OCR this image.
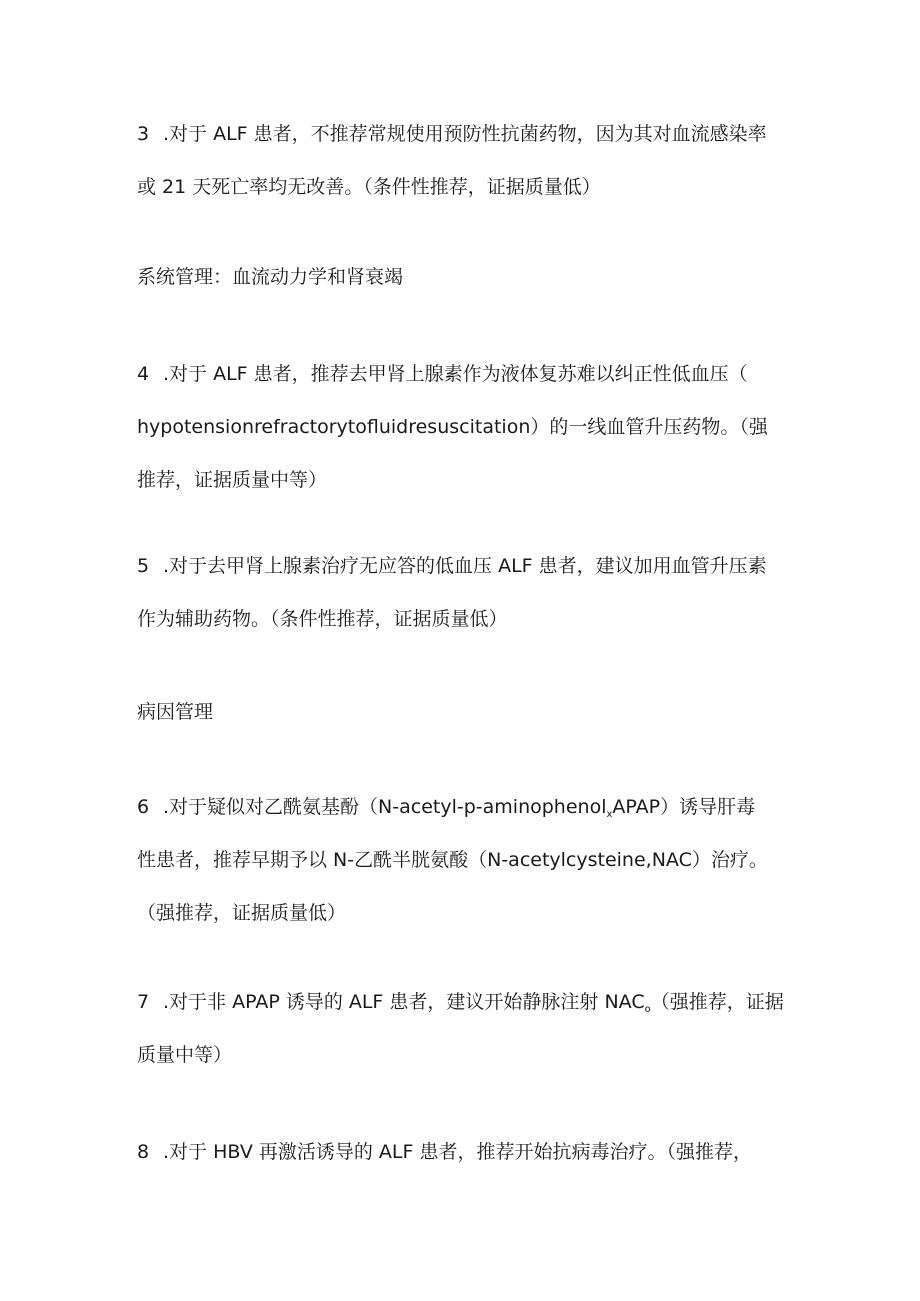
3 .对于 ALF 患者，不推荐常规使用预防性抗菌药物，因为其对血流感染率
或 21 天死亡率均无改善。（条件性推荐，证据质量低）
系统管理：血流动力学和肾衰竭
4 .对于 ALF 患者，推荐去甲肾上腺素作为液体复苏难以纠正性低血压（
hypotensionrefractorytofluidresuscitation）的一线血管升压药物。（强
推荐，证据质量中等）
5 .对于去甲肾上腺素治疗无应答的低血压 ALF 患者，建议加用血管升压素
作为辅助药物。（条件性推荐，证据质量低）
病因管理
6 .对于疑似对乙酰氨基酚（N-acetyl-p-aminophenol$_x$APAP）诱导肝毒
性患者，推荐早期予以 N-乙酰半胱氨酸（N-acetylcysteine,NAC）治疗。
（强推荐，证据质量低）
7 .对于非 APAP 诱导的 ALF 患者，建议开始静脉注射 $NAC_o$（强推荐，证据
质量中等）
8 .对于 HBV 再激活诱导的 ALF 患者，推荐开始抗病毒治疗。（强推荐，
